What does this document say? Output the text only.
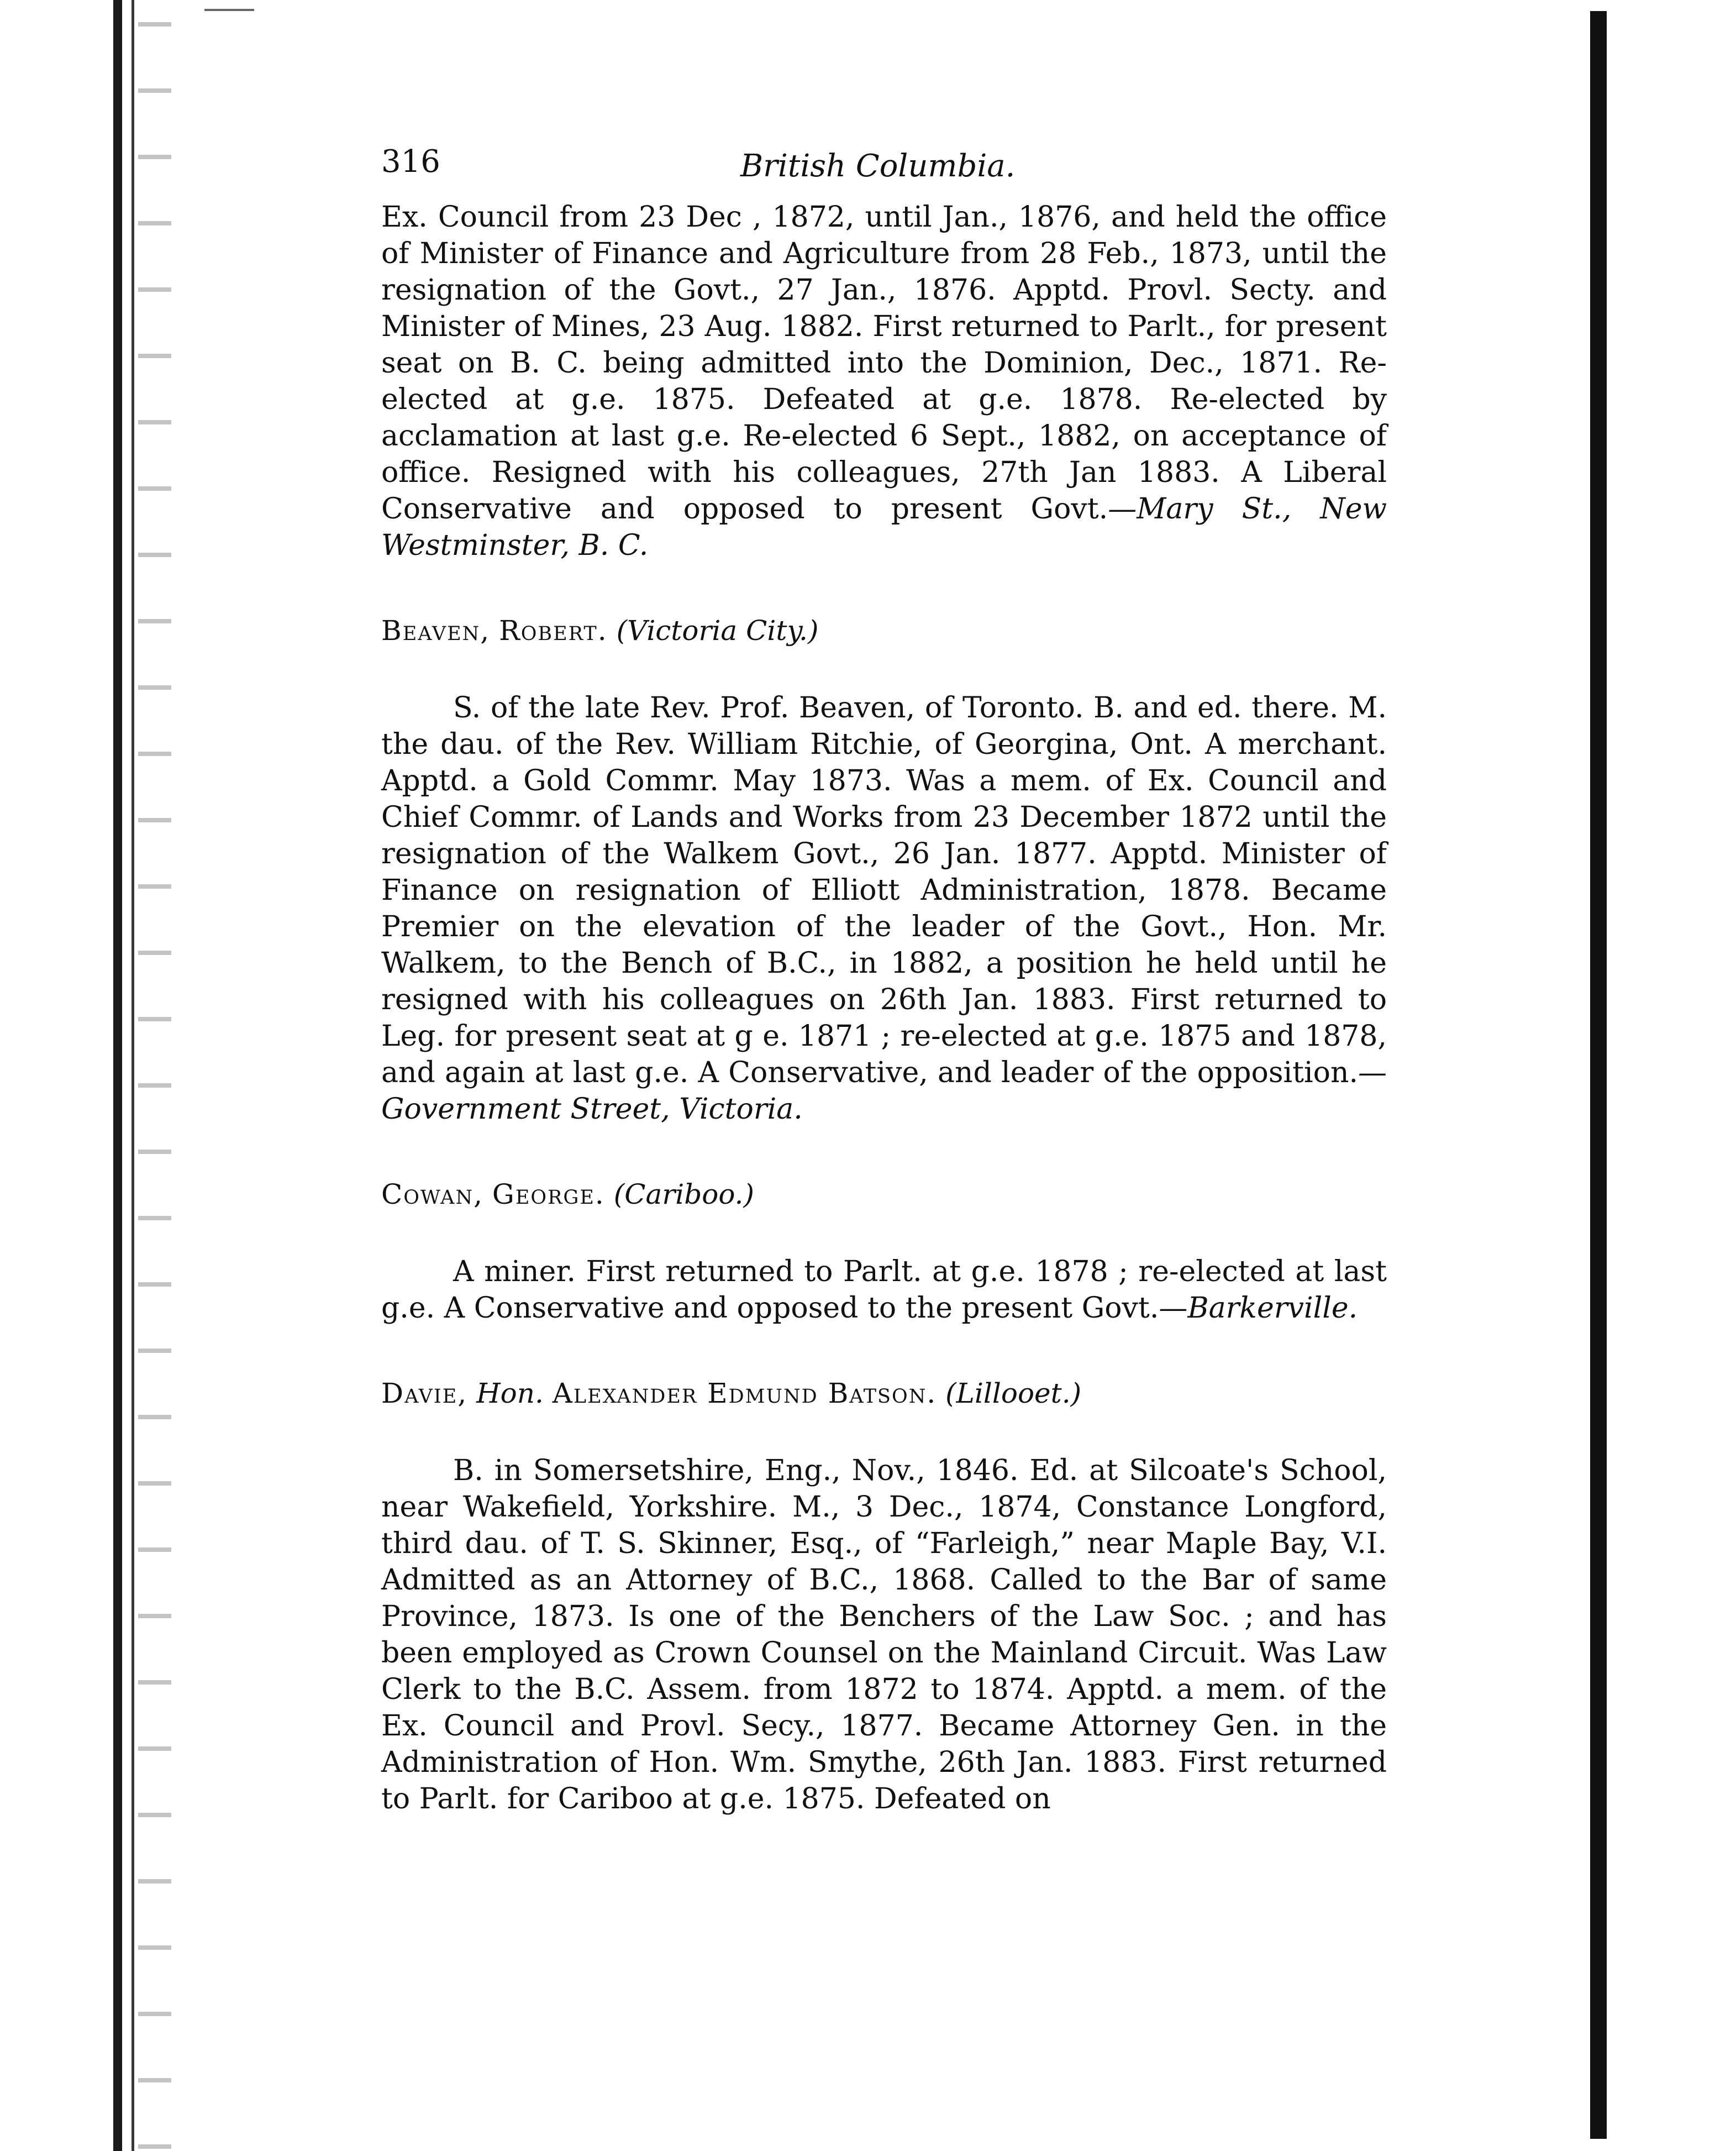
316	British Columbia.

Ex. Council from 23 Dec , 1872, until Jan., 1876, and held the office of Minister of Finance and Agriculture from 28 Feb., 1873, until the resignation of the Govt., 27 Jan., 1876. Apptd. Provl. Secty. and Minister of Mines, 23 Aug. 1882. First returned to Parlt., for present seat on B. C. being admitted into the Dominion, Dec., 1871. Re-elected at g.e. 1875. Defeated at g.e. 1878. Re-elected by acclamation at last g.e. Re-elected 6 Sept., 1882, on acceptance of office. Resigned with his colleagues, 27th Jan 1883. A Liberal Conservative and opposed to present Govt.—Mary St., New Westminster, B. C.

Beaven, Robert. (Victoria City.)

S. of the late Rev. Prof. Beaven, of Toronto. B. and ed. there. M. the dau. of the Rev. William Ritchie, of Georgina, Ont. A merchant. Apptd. a Gold Commr. May 1873. Was a mem. of Ex. Council and Chief Commr. of Lands and Works from 23 December 1872 until the resignation of the Walkem Govt., 26 Jan. 1877. Apptd. Minister of Finance on resignation of Elliott Administration, 1878. Became Premier on the elevation of the leader of the Govt., Hon. Mr. Walkem, to the Bench of B.C., in 1882, a position he held until he resigned with his colleagues on 26th Jan. 1883. First returned to Leg. for present seat at g e. 1871 ; re-elected at g.e. 1875 and 1878, and again at last g.e. A Conservative, and leader of the opposition.—Government Street, Victoria.

Cowan, George. (Cariboo.)

A miner. First returned to Parlt. at g.e. 1878 ; re-elected at last g.e. A Conservative and opposed to the present Govt.—Barkerville.

Davie, Hon. Alexander Edmund Batson. (Lillooet.)

B. in Somersetshire, Eng., Nov., 1846. Ed. at Silcoate's School, near Wakefield, Yorkshire. M., 3 Dec., 1874, Constance Longford, third dau. of T. S. Skinner, Esq., of “Farleigh,” near Maple Bay, V.I. Admitted as an Attorney of B.C., 1868. Called to the Bar of same Province, 1873. Is one of the Benchers of the Law Soc. ; and has been employed as Crown Counsel on the Mainland Circuit. Was Law Clerk to the B.C. Assem. from 1872 to 1874. Apptd. a mem. of the Ex. Council and Provl. Secy., 1877. Became Attorney Gen. in the Administration of Hon. Wm. Smythe, 26th Jan. 1883. First returned to Parlt. for Cariboo at g.e. 1875. Defeated on
